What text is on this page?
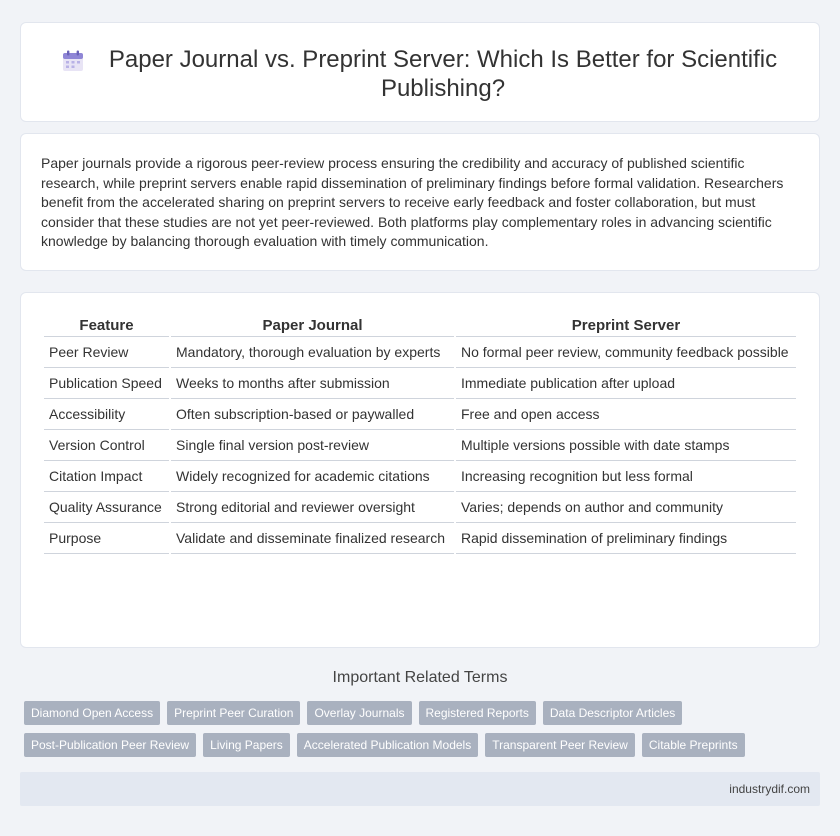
Paper Journal vs. Preprint Server: Which Is Better for Scientific Publishing?

Paper journals provide a rigorous peer-review process ensuring the credibility and accuracy of published scientific research, while preprint servers enable rapid dissemination of preliminary findings before formal validation. Researchers benefit from the accelerated sharing on preprint servers to receive early feedback and foster collaboration, but must consider that these studies are not yet peer-reviewed. Both platforms play complementary roles in advancing scientific knowledge by balancing thorough evaluation with timely communication.

Feature	Paper Journal	Preprint Server
Peer Review	Mandatory, thorough evaluation by experts	No formal peer review, community feedback possible
Publication Speed	Weeks to months after submission	Immediate publication after upload
Accessibility	Often subscription-based or paywalled	Free and open access
Version Control	Single final version post-review	Multiple versions possible with date stamps
Citation Impact	Widely recognized for academic citations	Increasing recognition but less formal
Quality Assurance	Strong editorial and reviewer oversight	Varies; depends on author and community
Purpose	Validate and disseminate finalized research	Rapid dissemination of preliminary findings
Important Related Terms
Diamond Open Access	Preprint Peer Curation	Overlay Journals	Registered Reports	Data Descriptor Articles
Post-Publication Peer Review	Living Papers	Accelerated Publication Models	Transparent Peer Review	Citable Preprints
industrydif.com
